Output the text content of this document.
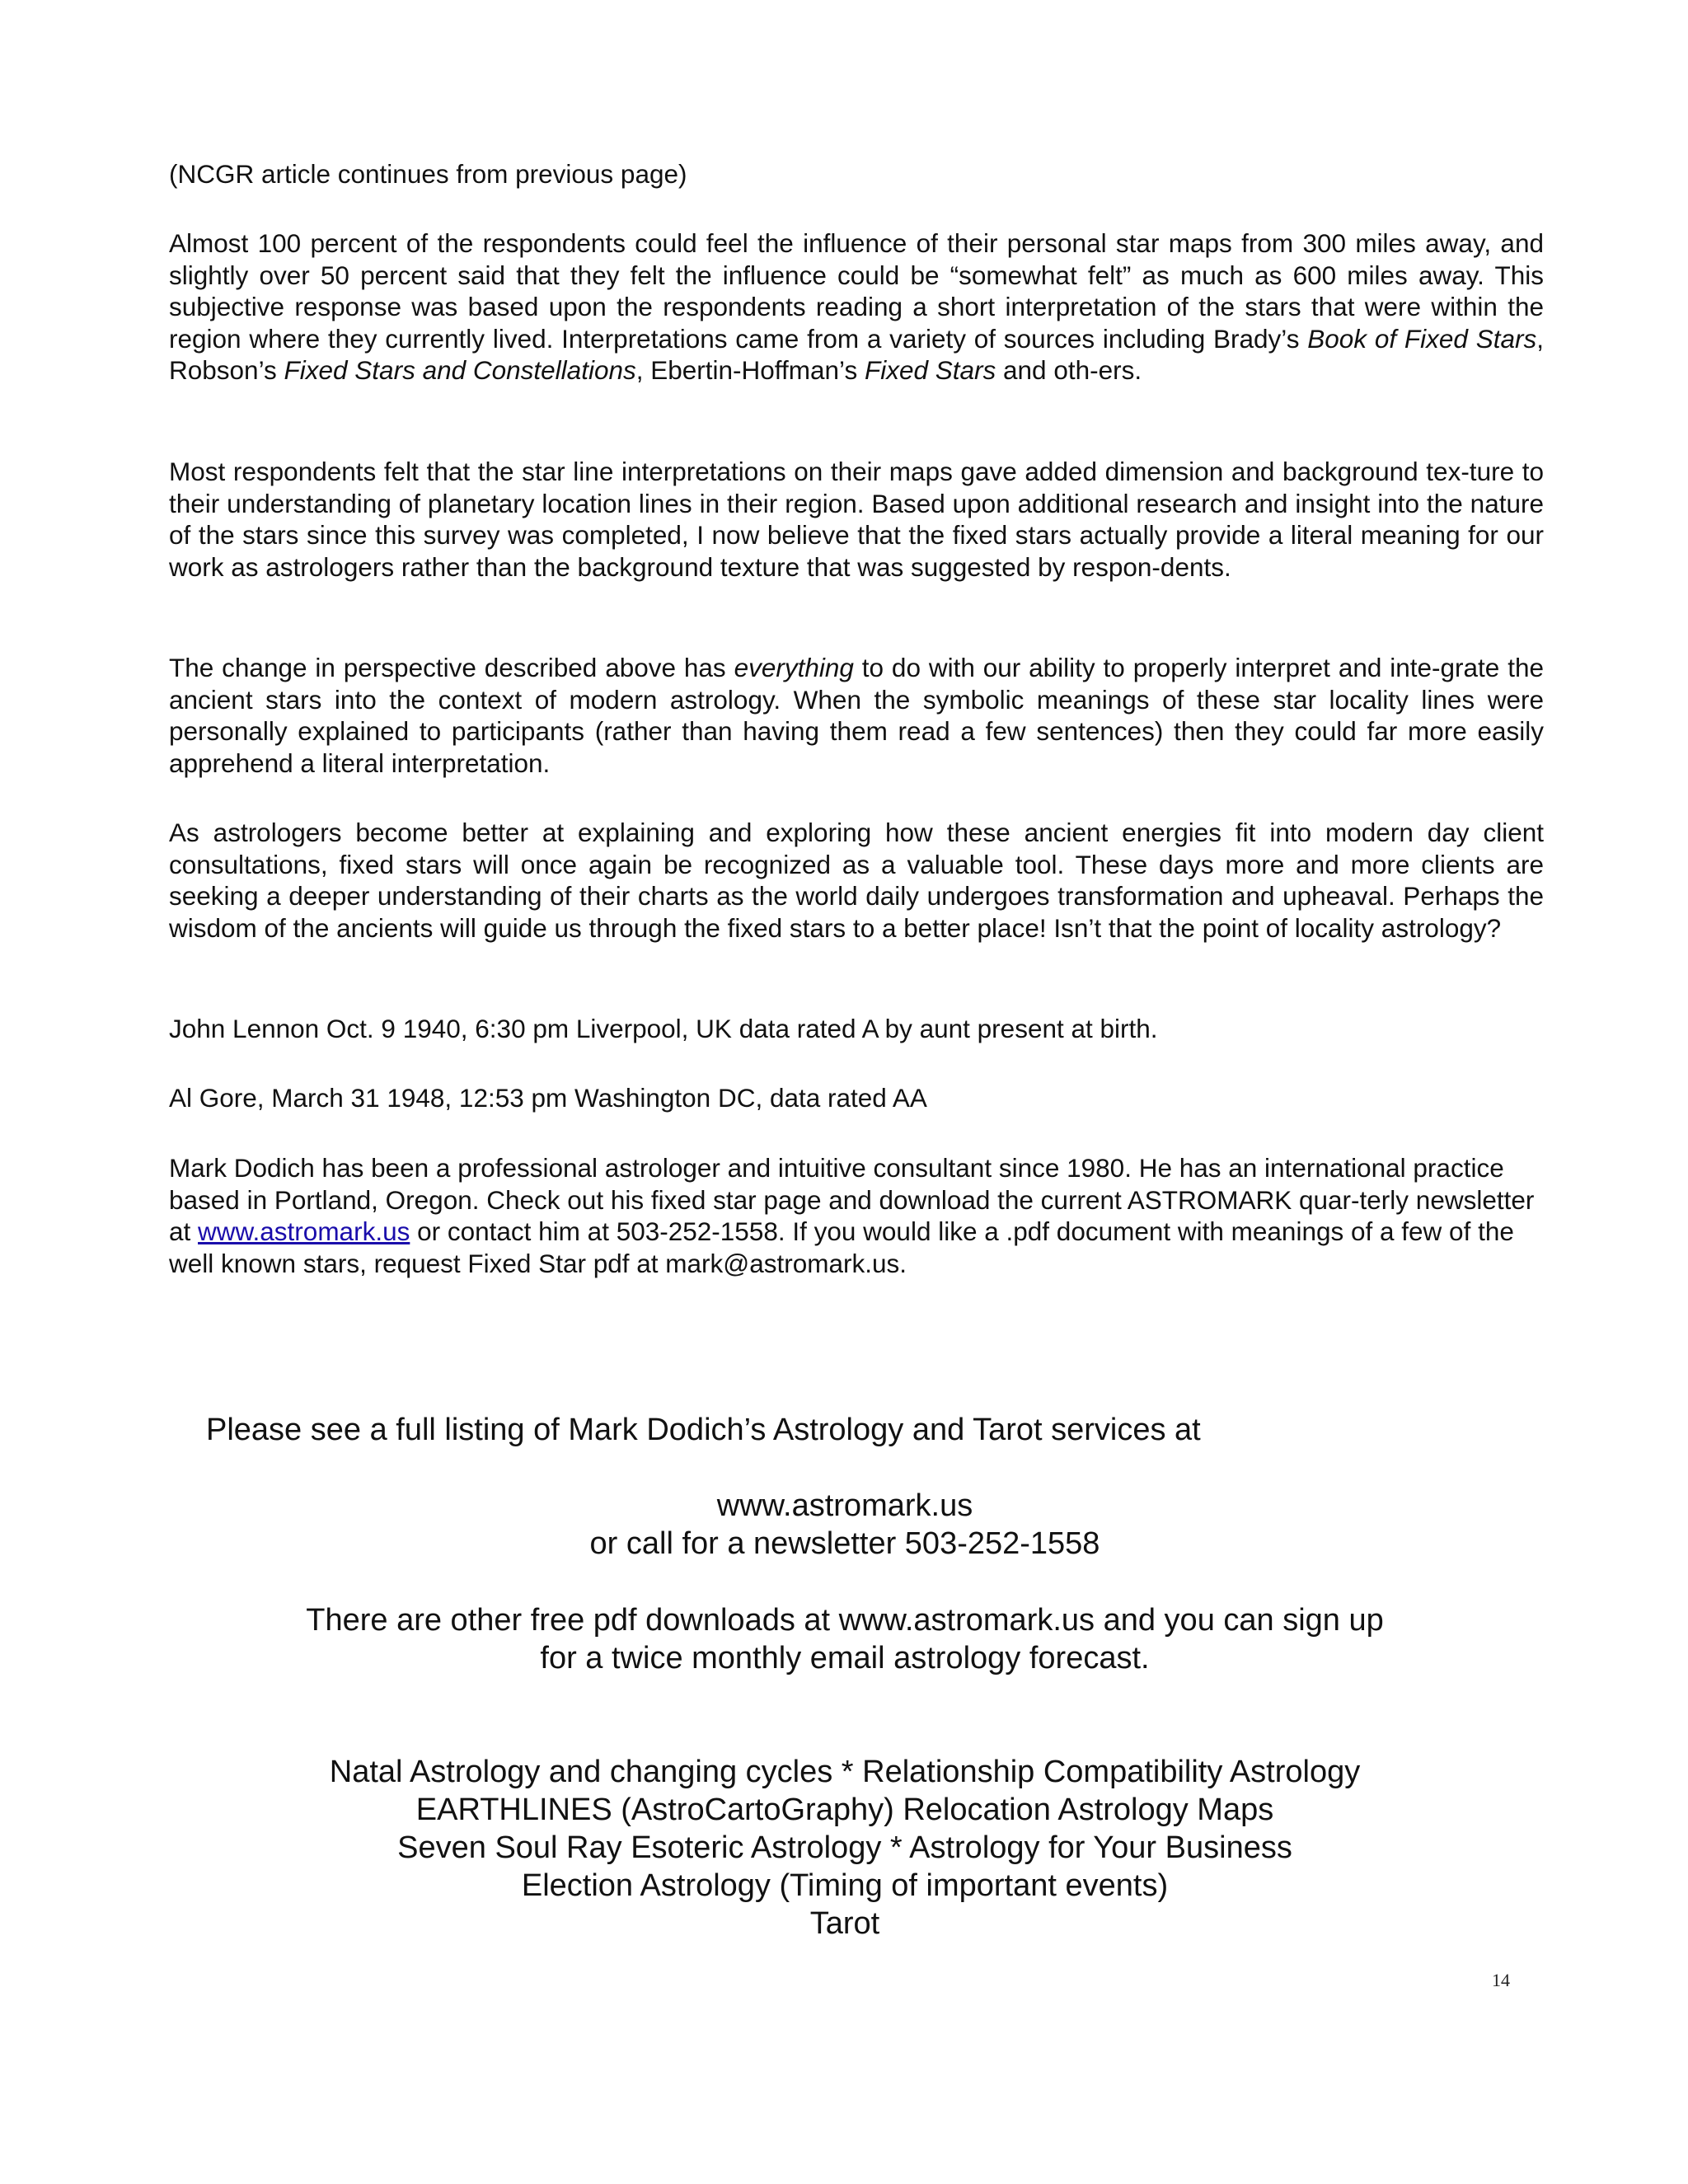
(NCGR article continues from previous page)

Almost 100 percent of the respondents could feel the influence of their personal star maps from 300 miles away, and slightly over 50 percent said that they felt the influence could be “somewhat felt” as much as 600 miles away. This subjective response was based upon the respondents reading a short interpretation of the stars that were within the region where they currently lived. Interpretations came from a variety of sources including Brady’s Book of Fixed Stars, Robson’s Fixed Stars and Constellations, Ebertin-Hoffman’s Fixed Stars and oth-ers.

Most respondents felt that the star line interpretations on their maps gave added dimension and background tex-ture to their understanding of planetary location lines in their region. Based upon additional research and insight into the nature of the stars since this survey was completed, I now believe that the fixed stars actually provide a literal meaning for our work as astrologers rather than the background texture that was suggested by respon-dents.

The change in perspective described above has everything to do with our ability to properly interpret and inte-grate the ancient stars into the context of modern astrology. When the symbolic meanings of these star locality lines were personally explained to participants (rather than having them read a few sentences) then they could far more easily apprehend a literal interpretation.

As astrologers become better at explaining and exploring how these ancient energies fit into modern day client consultations, fixed stars will once again be recognized as a valuable tool. These days more and more clients are seeking a deeper understanding of their charts as the world daily undergoes transformation and upheaval. Perhaps the wisdom of the ancients will guide us through the fixed stars to a better place! Isn’t that the point of locality astrology?

John Lennon Oct. 9 1940, 6:30 pm Liverpool, UK data rated A by aunt present at birth.

Al Gore, March 31 1948, 12:53 pm Washington DC, data rated AA

Mark Dodich has been a professional astrologer and intuitive consultant since 1980. He has an international practice based in Portland, Oregon. Check out his fixed star page and download the current ASTROMARK quar-terly newsletter at www.astromark.us or contact him at 503-252-1558. If you would like a .pdf document with meanings of a few of the well known stars, request Fixed Star pdf at mark@astromark.us.

Please see a full listing of Mark Dodich’s Astrology and Tarot services at

www.astromark.us
or call for a newsletter 503-252-1558

There are other free pdf downloads at www.astromark.us and you can sign up
for a twice monthly email astrology forecast.

Natal Astrology and changing cycles * Relationship Compatibility Astrology
EARTHLINES (AstroCartoGraphy) Relocation Astrology Maps
Seven Soul Ray Esoteric Astrology * Astrology for Your Business
Election Astrology (Timing of important events)
Tarot

14
